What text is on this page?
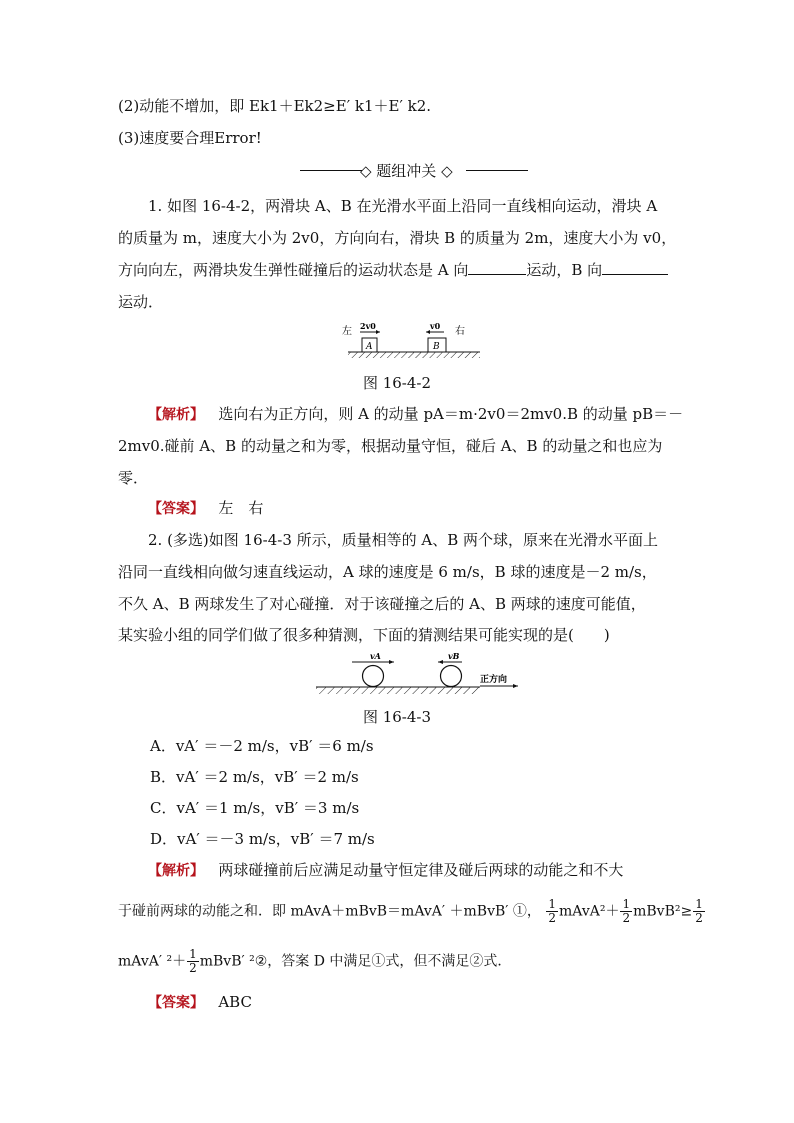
(2)动能不增加，即 Ek1＋Ek2≥E′ k1＋E′ k2.
(3)速度要合理Error!
◇ 题组冲关 ◇
1. 如图 16-4-2，两滑块 A、B 在光滑水平面上沿同一直线相向运动，滑块 A
的质量为 m，速度大小为 2v0，方向向右，滑块 B 的质量为 2m，速度大小为 v0，
方向向左，两滑块发生弹性碰撞后的运动状态是 A 向	运动，B 向
运动．
左	右
2v0	v0
A	B
图 16-4-2
【解析】 选向右为正方向，则 A 的动量 pA＝m·2v0＝2mv0.B 的动量 pB＝－
2mv0.碰前 A、B 的动量之和为零，根据动量守恒，碰后 A、B 的动量之和也应为
零．
【答案】 左　右
2. (多选)如图 16-4-3 所示，质量相等的 A、B 两个球，原来在光滑水平面上
沿同一直线相向做匀速直线运动，A 球的速度是 6 m/s，B 球的速度是－2 m/s，
不久 A、B 两球发生了对心碰撞．对于该碰撞之后的 A、B 两球的速度可能值，
某实验小组的同学们做了很多种猜测，下面的猜测结果可能实现的是(　　)
vA	vB
正方向
图 16-4-3
A．vA′ ＝－2 m/s，vB′ ＝6 m/s
B．vA′ ＝2 m/s，vB′ ＝2 m/s
C．vA′ ＝1 m/s，vB′ ＝3 m/s
D．vA′ ＝－3 m/s，vB′ ＝7 m/s
【解析】 两球碰撞前后应满足动量守恒定律及碰后两球的动能之和不大
于碰前两球的动能之和．即 mAvA＋mBvB＝mAvA′ ＋mBvB′ ①， $\frac{1}{2}$ mAvA²＋ $\frac{1}{2}$ mBvB²≥ $\frac{1}{2}$
mAvA′ $^2+ \frac{1}{2}$ mBvB′ ²②，答案 D 中满足①式，但不满足②式．
【答案】 ABC
